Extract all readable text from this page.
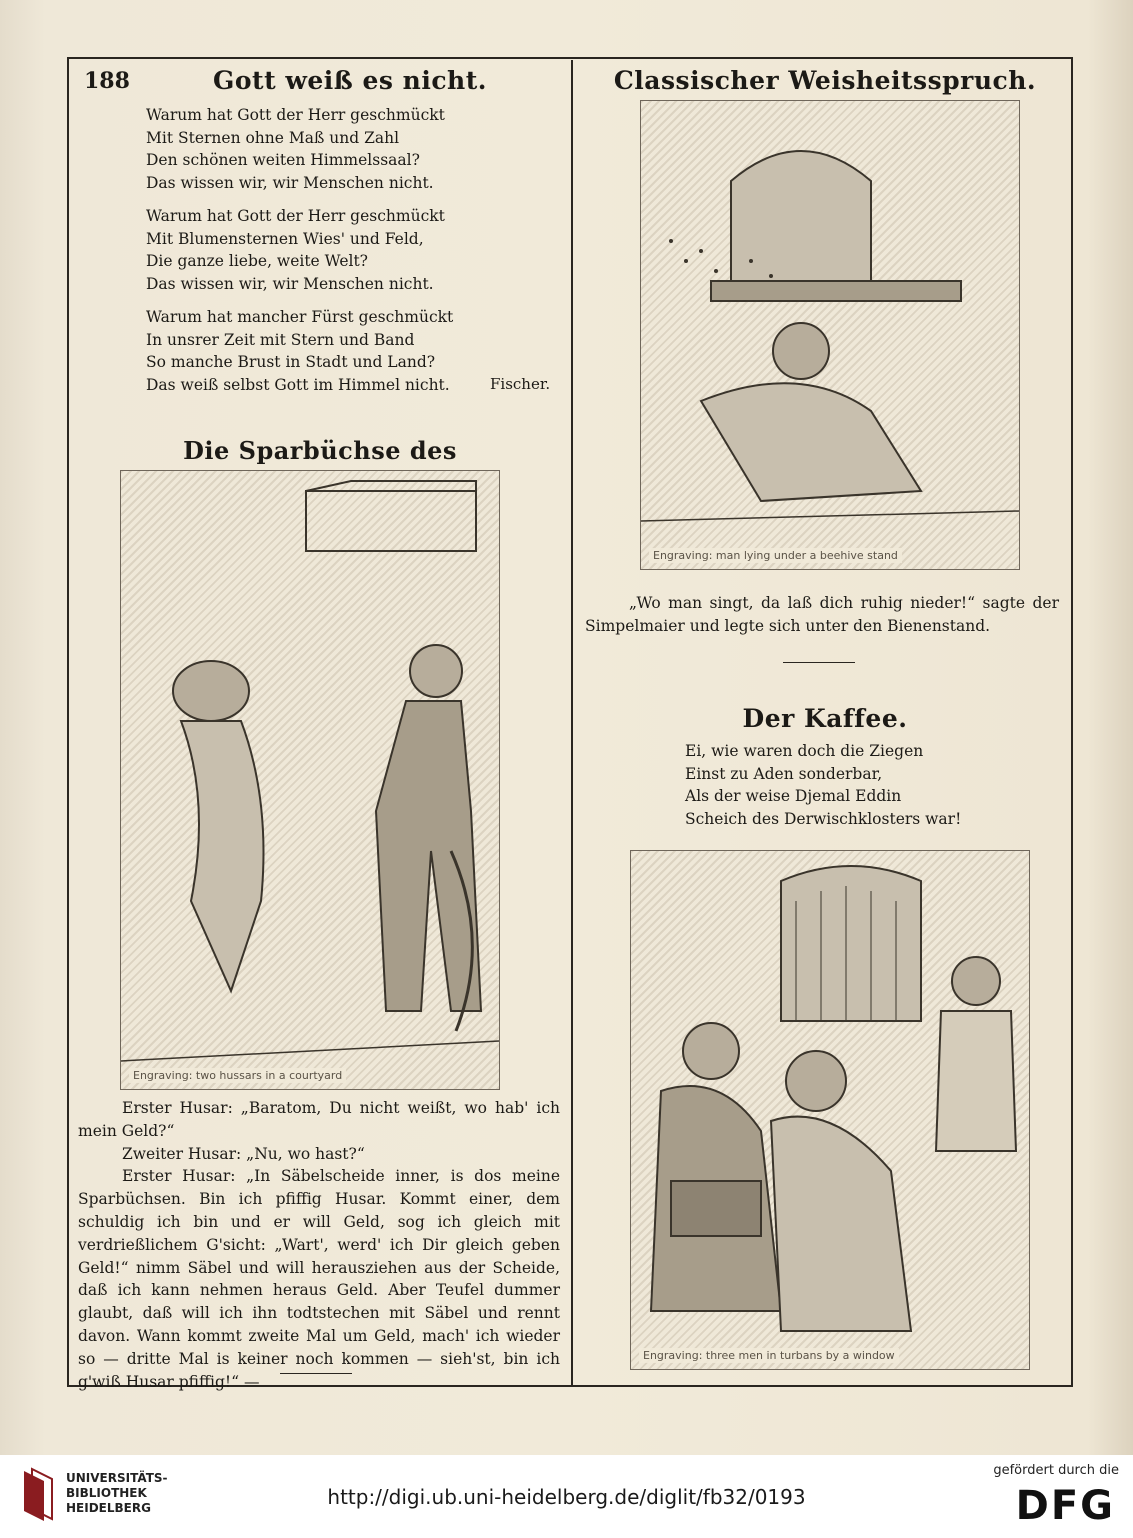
188	Gott weiß es nicht.
Warum hat Gott der Herr geschmückt
Mit Sternen ohne Maß und Zahl
Den schönen weiten Himmelssaal?
Das wissen wir, wir Menschen nicht.
Warum hat Gott der Herr geschmückt
Mit Blumensternen Wies' und Feld,
Die ganze liebe, weite Welt?
Das wissen wir, wir Menschen nicht.
Warum hat mancher Fürst geschmückt
In unsrer Zeit mit Stern und Band
So manche Brust in Stadt und Land?
Das weiß selbst Gott im Himmel nicht.	Fischer.
Die Sparbüchse des
Engraving: two hussars in a courtyard

Erster Husar: „Baratom, Du nicht weißt, wo hab' ich mein Geld?“

Zweiter Husar: „Nu, wo hast?“

Erster Husar: „In Säbelscheide inner, is dos meine Sparbüchsen. Bin ich pfiffig Husar. Kommt einer, dem schuldig ich bin und er will Geld, sog ich gleich mit verdrießlichem G'sicht: „Wart', werd' ich Dir gleich geben Geld!“ nimm Säbel und will herausziehen aus der Scheide, daß ich kann nehmen heraus Geld. Aber Teufel dummer glaubt, daß will ich ihn todtstechen mit Säbel und rennt davon. Wann kommt zweite Mal um Geld, mach' ich wieder so — dritte Mal is keiner noch kommen — sieh'st, bin ich g'wiß Husar pfiffig!“ —

Classischer Weisheitsspruch.
Engraving: man lying under a beehive stand

„Wo man singt, da laß dich ruhig nieder!“ sagte der Simpelmaier und legte sich unter den Bienenstand.

Der Kaffee.
Ei, wie waren doch die Ziegen
Einst zu Aden sonderbar,
Als der weise Djemal Eddin
Scheich des Derwischklosters war!
Engraving: three men in turbans by a window
UNIVERSITÄTS-
BIBLIOTHEK
HEIDELBERG	http://digi.ub.uni-heidelberg.de/diglit/fb32/0193
gefördert durch die
DFG
